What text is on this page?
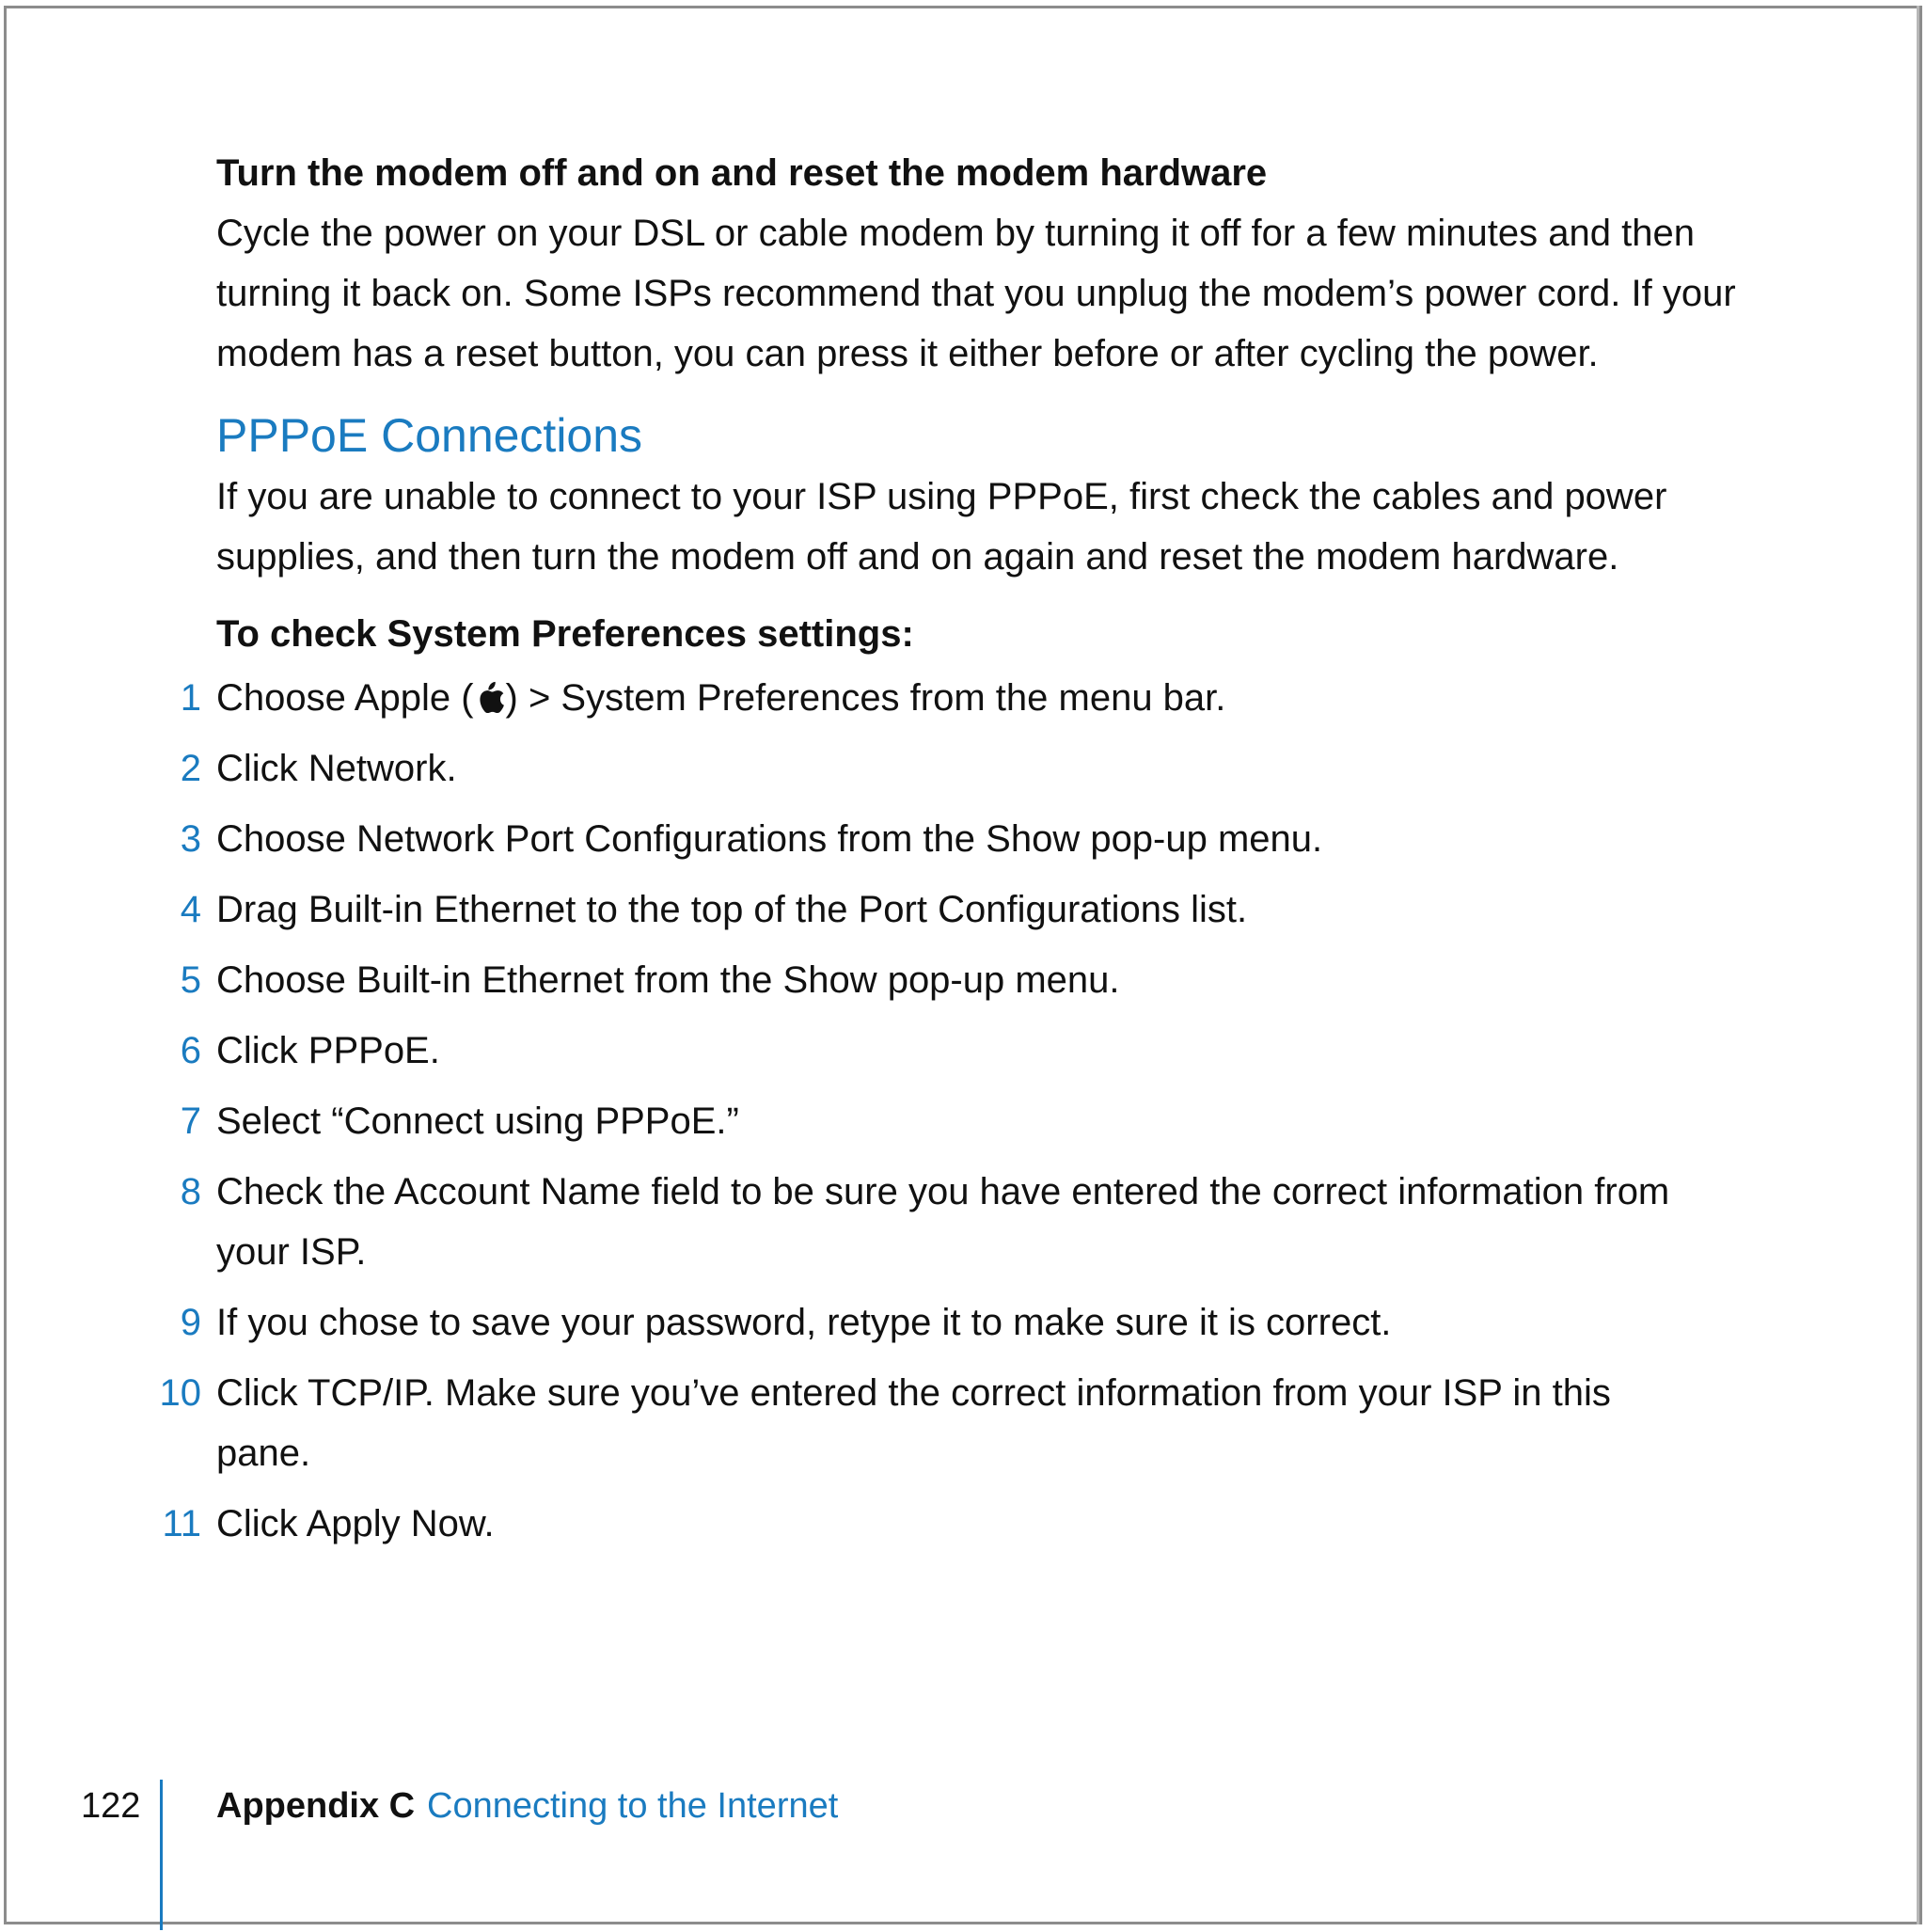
Turn the modem off and on and reset the modem hardware

Cycle the power on your DSL or cable modem by turning it off for a few minutes and then turning it back on. Some ISPs recommend that you unplug the modem’s power cord. If your modem has a reset button, you can press it either before or after cycling the power.

PPPoE Connections

If you are unable to connect to your ISP using PPPoE, first check the cables and power supplies, and then turn the modem off and on again and reset the modem hardware.

To check System Preferences settings:
1 Choose Apple ( ) > System Preferences from the menu bar.
2 Click Network.
3 Choose Network Port Configurations from the Show pop-up menu.
4 Drag Built-in Ethernet to the top of the Port Configurations list.
5 Choose Built-in Ethernet from the Show pop-up menu.
6 Click PPPoE.
7 Select “Connect using PPPoE.”
8 Check the Account Name field to be sure you have entered the correct information from your ISP.
9 If you chose to save your password, retype it to make sure it is correct.
10 Click TCP/IP. Make sure you’ve entered the correct information from your ISP in this pane.
11 Click Apply Now.
122 Appendix C Connecting to the Internet
